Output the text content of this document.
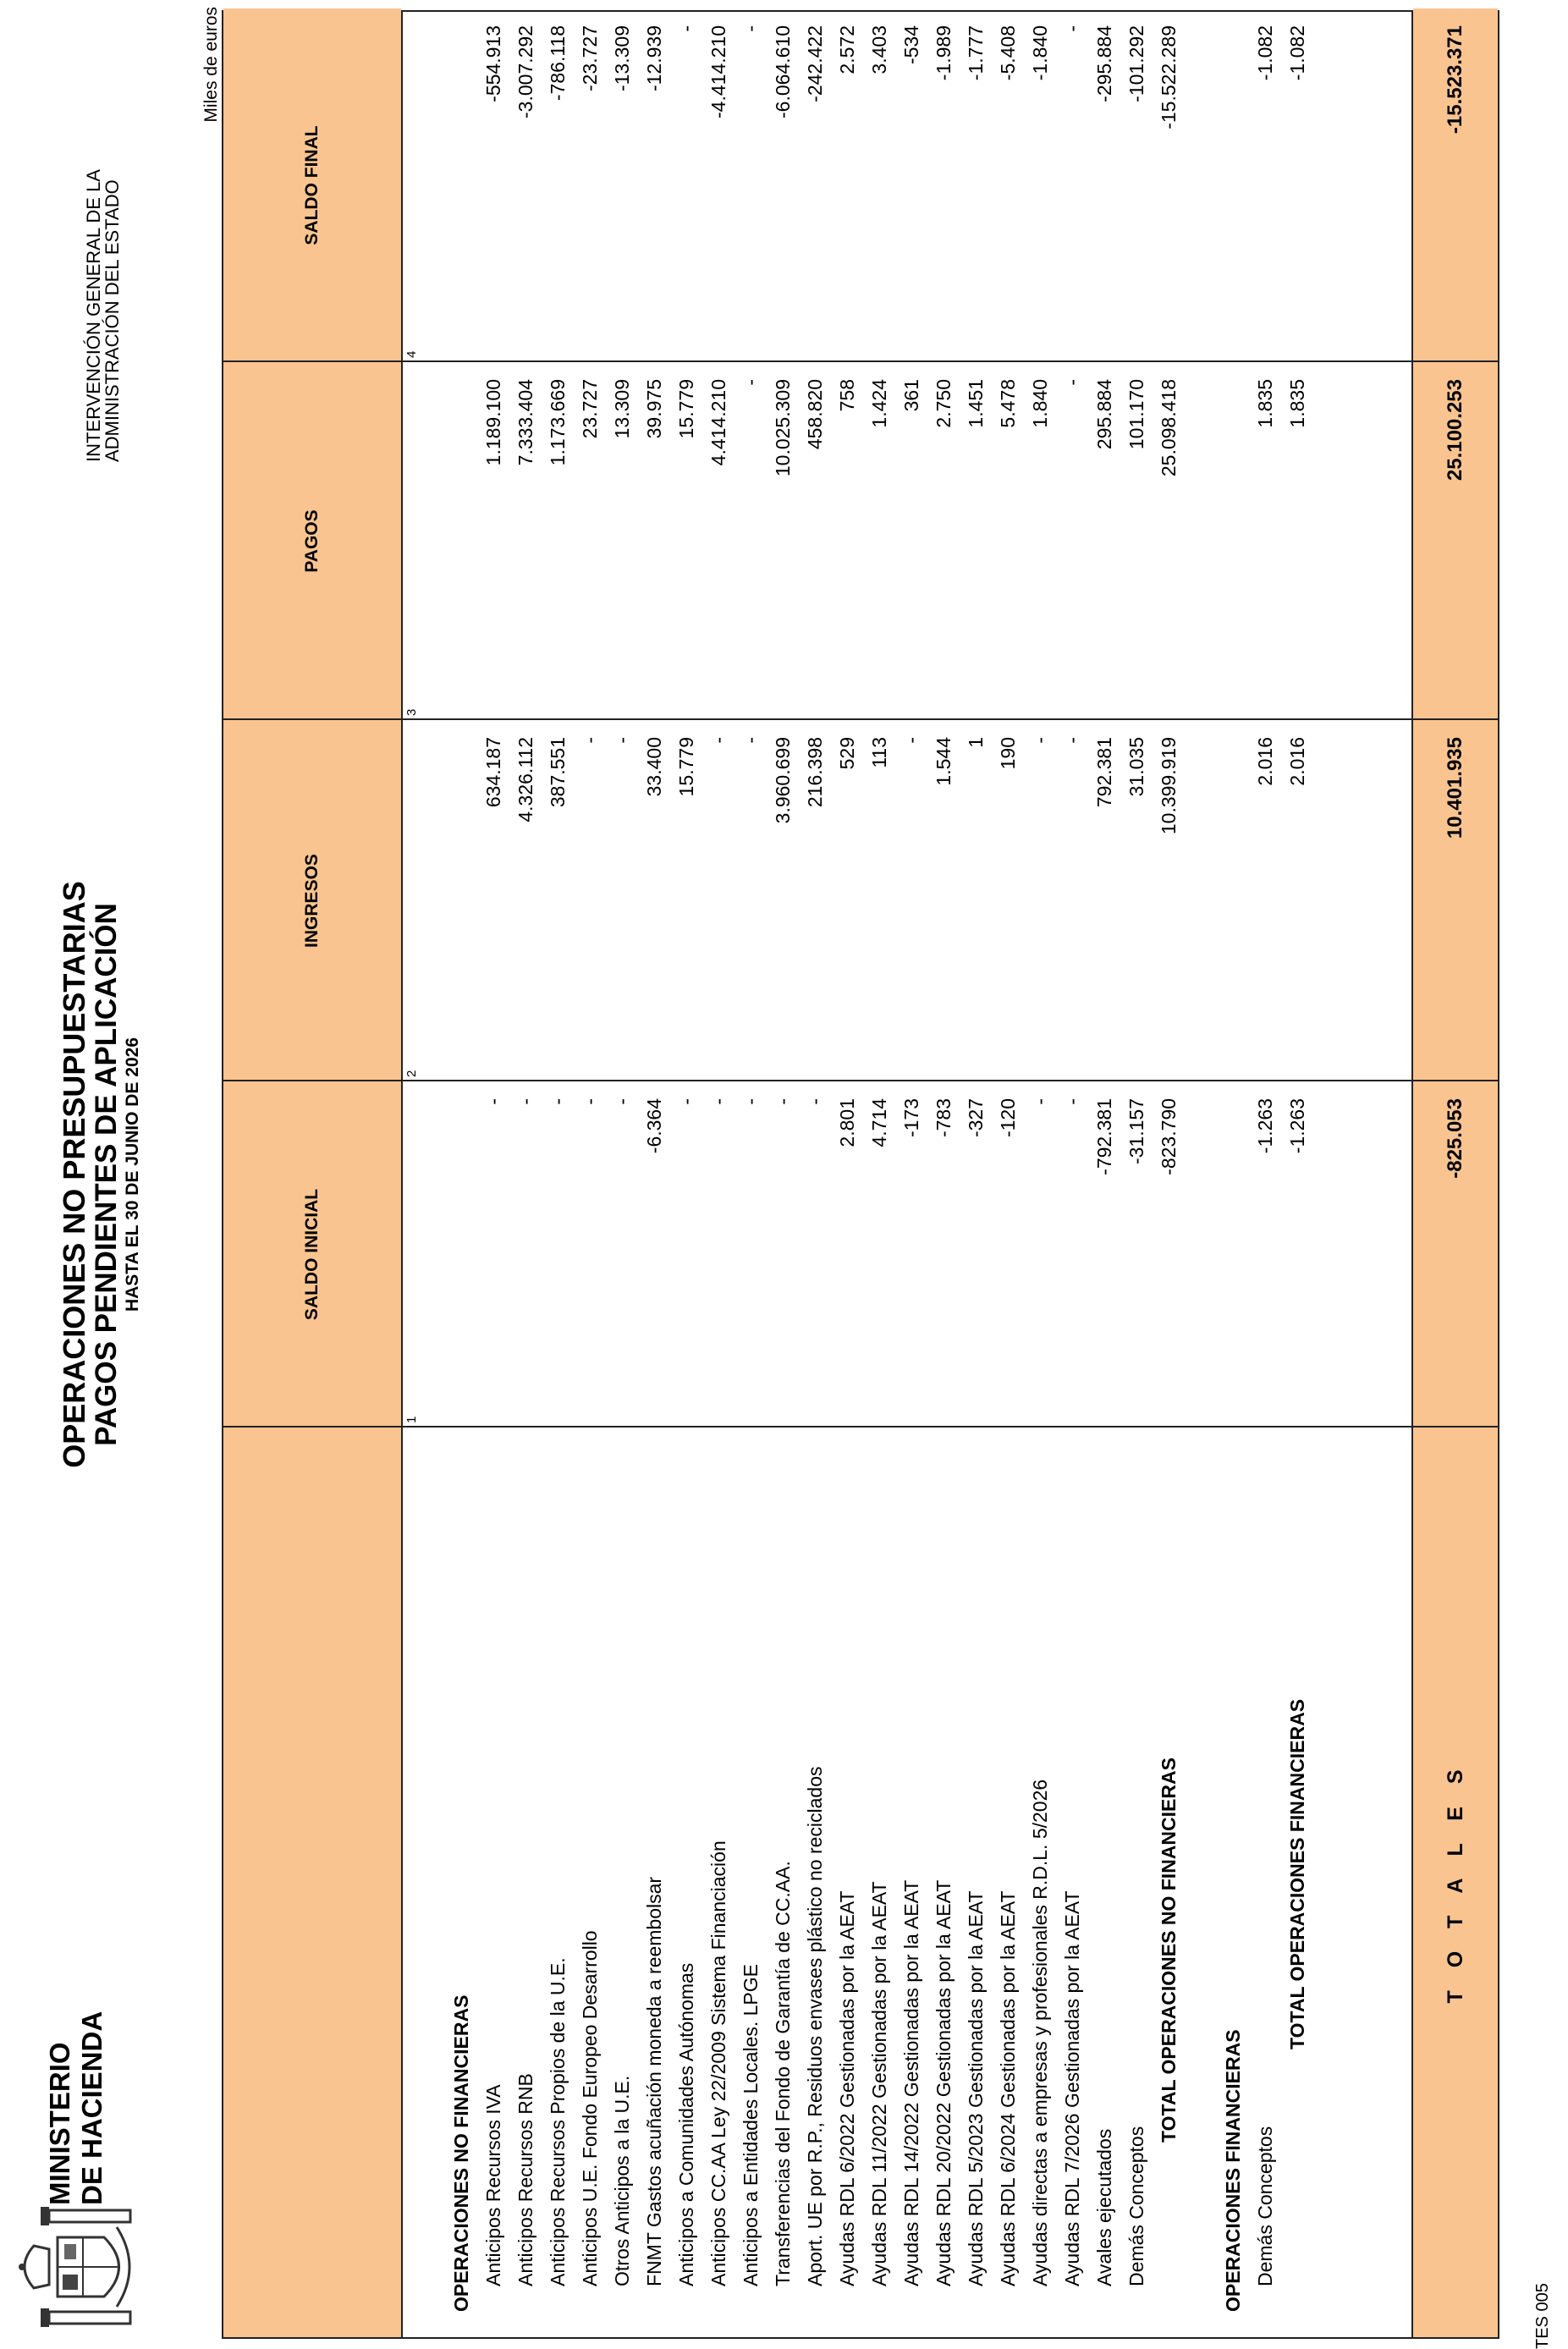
MINISTERIO DE HACIENDA
OPERACIONES NO PRESUPUESTARIAS
PAGOS PENDIENTES DE APLICACIÓN HASTA EL 30 DE JUNIO DE 2026
INTERVENCIÓN GENERAL DE LA
ADMINISTRACIÓN DEL ESTADO
Miles de euros
SALDO INICIAL
INGRESOS
PAGOS
SALDO FINAL
1
2
3
4
OPERACIONES NO FINANCIERAS Anticipos Recursos IVA
-
634.187
1.189.100
-554.913
Anticipos Recursos RNB
-
4.326.112
7.333.404
-3.007.292
Anticipos Recursos Propios de la U.E.
-
387.551
1.173.669
-786.118
Anticipos U.E. Fondo Europeo Desarrollo
-
-
23.727
-23.727
Otros Anticipos a la U.E.
-
-
13.309
-13.309
FNMT Gastos acuñación moneda a reembolsar
-6.364
33.400
39.975
-12.939
Anticipos a Comunidades Autónomas
-
15.779
15.779
-
Anticipos CC.AA Ley 22/2009 Sistema Financiación
-
-
4.414.210
-4.414.210
Anticipos a Entidades Locales. LPGE
-
-
-
-
Transferencias del Fondo de Garantía de CC.AA.
-
3.960.699
10.025.309
-6.064.610
Aport. UE por R.P., Residuos envases plástico no reciclados
-
216.398
458.820
-242.422
Ayudas RDL 6/2022 Gestionadas por la AEAT
2.801
529
758
2.572
Ayudas RDL 11/2022 Gestionadas por la AEAT
4.714
113
1.424
3.403
Ayudas RDL 14/2022 Gestionadas por la AEAT
-173
-
361
-534
Ayudas RDL 20/2022 Gestionadas por la AEAT
-783
1.544
2.750
-1.989
Ayudas RDL 5/2023 Gestionadas por la AEAT
-327
1
1.451
-1.777
Ayudas RDL 6/2024 Gestionadas por la AEAT
-120
190
5.478
-5.408
Ayudas directas a empresas y profesionales R.D.L. 5/2026
-
-
1.840
-1.840
Ayudas RDL 7/2026 Gestionadas por la AEAT
-
-
-
-
Avales ejecutados
-792.381
792.381
295.884
-295.884
Demás Conceptos
-31.157
31.035
101.170
-101.292
TOTAL OPERACIONES NO FINANCIERAS
-823.790
10.399.919
25.098.418
-15.522.289
OPERACIONES FINANCIERAS Demás Conceptos
-1.263
2.016
1.835
-1.082
TOTAL OPERACIONES FINANCIERAS
-1.263
2.016
1.835
-1.082
T O T A L E S
-825.053
10.401.935
25.100.253
-15.523.371
TES 005
